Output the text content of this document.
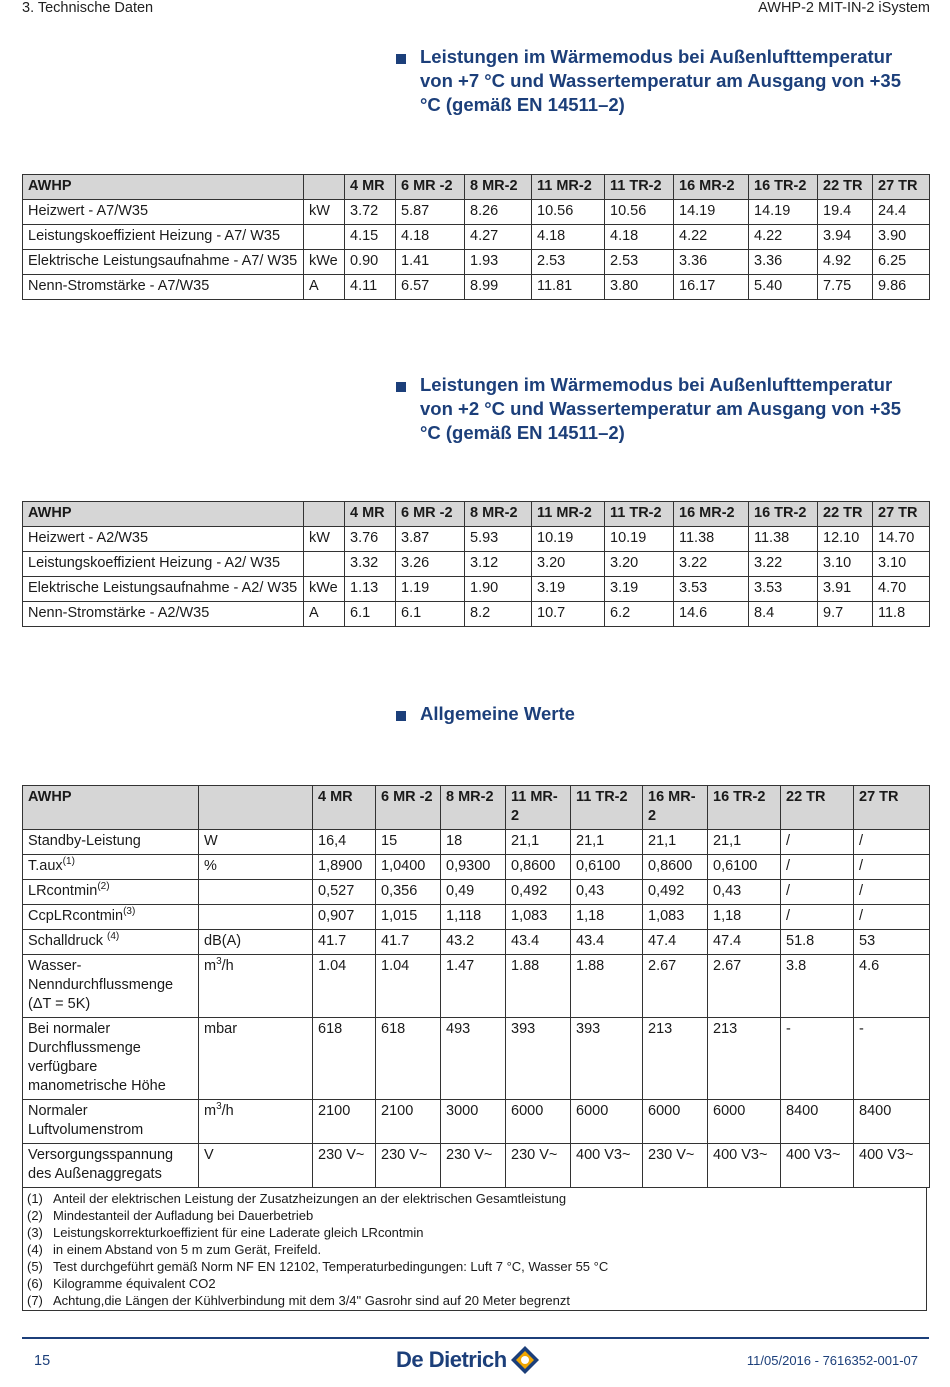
3. Technische Daten	AWHP-2 MIT-IN-2 iSystem
Leistungen im Wärmemodus bei Außenlufttemperatur von +7 °C und Wassertemperatur am Ausgang von +35 °C (gemäß EN 14511–2)
AWHP		4 MR	6 MR -2	8 MR-2	11 MR-2	11 TR-2	16 MR-2	16 TR-2	22 TR	27 TR
Heizwert - A7/W35	kW	3.72	5.87	8.26	10.56	10.56	14.19	14.19	19.4	24.4
Leistungskoeffizient Heizung - A7/ W35		4.15	4.18	4.27	4.18	4.18	4.22	4.22	3.94	3.90
Elektrische Leistungsaufnahme - A7/ W35	kWe	0.90	1.41	1.93	2.53	2.53	3.36	3.36	4.92	6.25
Nenn-Stromstärke - A7/W35	A	4.11	6.57	8.99	11.81	3.80	16.17	5.40	7.75	9.86
Leistungen im Wärmemodus bei Außenlufttemperatur von +2 °C und Wassertemperatur am Ausgang von +35 °C (gemäß EN 14511–2)
AWHP		4 MR	6 MR -2	8 MR-2	11 MR-2	11 TR-2	16 MR-2	16 TR-2	22 TR	27 TR
Heizwert - A2/W35	kW	3.76	3.87	5.93	10.19	10.19	11.38	11.38	12.10	14.70
Leistungskoeffizient Heizung - A2/ W35		3.32	3.26	3.12	3.20	3.20	3.22	3.22	3.10	3.10
Elektrische Leistungsaufnahme - A2/ W35	kWe	1.13	1.19	1.90	3.19	3.19	3.53	3.53	3.91	4.70
Nenn-Stromstärke - A2/W35	A	6.1	6.1	8.2	10.7	6.2	14.6	8.4	9.7	11.8
Allgemeine Werte
AWHP		4 MR	6 MR -2	8 MR-2	11 MR-2	11 TR-2	16 MR-2	16 TR-2	22 TR	27 TR
Standby-Leistung	W	16,4	15	18	21,1	21,1	21,1	21,1	/	/
T.aux$^{(1)}$	%	1,8900	1,0400	0,9300	0,8600	0,6100	0,8600	0,6100	/	/
LRcontmin$^{(2)}$		0,527	0,356	0,49	0,492	0,43	0,492	0,43	/	/
CcpLRcontmin$^{(3)}$		0,907	1,015	1,118	1,083	1,18	1,083	1,18	/	/
Schalldruck $^{(4)}$	dB(A)	41.7	41.7	43.2	43.4	43.4	47.4	47.4	51.8	53
Wasser-Nenndurchflussmenge (ΔT = 5K)	$m^3/h$	1.04	1.04	1.47	1.88	1.88	2.67	2.67	3.8	4.6
Bei normaler Durchflussmenge verfügbare manometrische Höhe	mbar	618	618	493	393	393	213	213	-	-
Normaler Luftvolumenstrom	$m^3/h$	2100	2100	3000	6000	6000	6000	6000	8400	8400
Versorgungsspannung des Außenaggregats	V	230 V~	230 V~	230 V~	230 V~	400 V3~	230 V~	400 V3~	400 V3~	400 V3~
(1) Anteil der elektrischen Leistung der Zusatzheizungen an der elektrischen Gesamtleistung
(2) Mindestanteil der Aufladung bei Dauerbetrieb
(3) Leistungskorrekturkoeffizient für eine Laderate gleich LRcontmin
(4) in einem Abstand von 5 m zum Gerät, Freifeld.
(5) Test durchgeführt gemäß Norm NF EN 12102, Temperaturbedingungen: Luft 7 °C, Wasser 55 °C
(6) Kilogramme équivalent CO2
(7) Achtung,die Längen der Kühlverbindung mit dem 3/4" Gasrohr sind auf 20 Meter begrenzt
15	De Dietrich	11/05/2016 - 7616352-001-07
